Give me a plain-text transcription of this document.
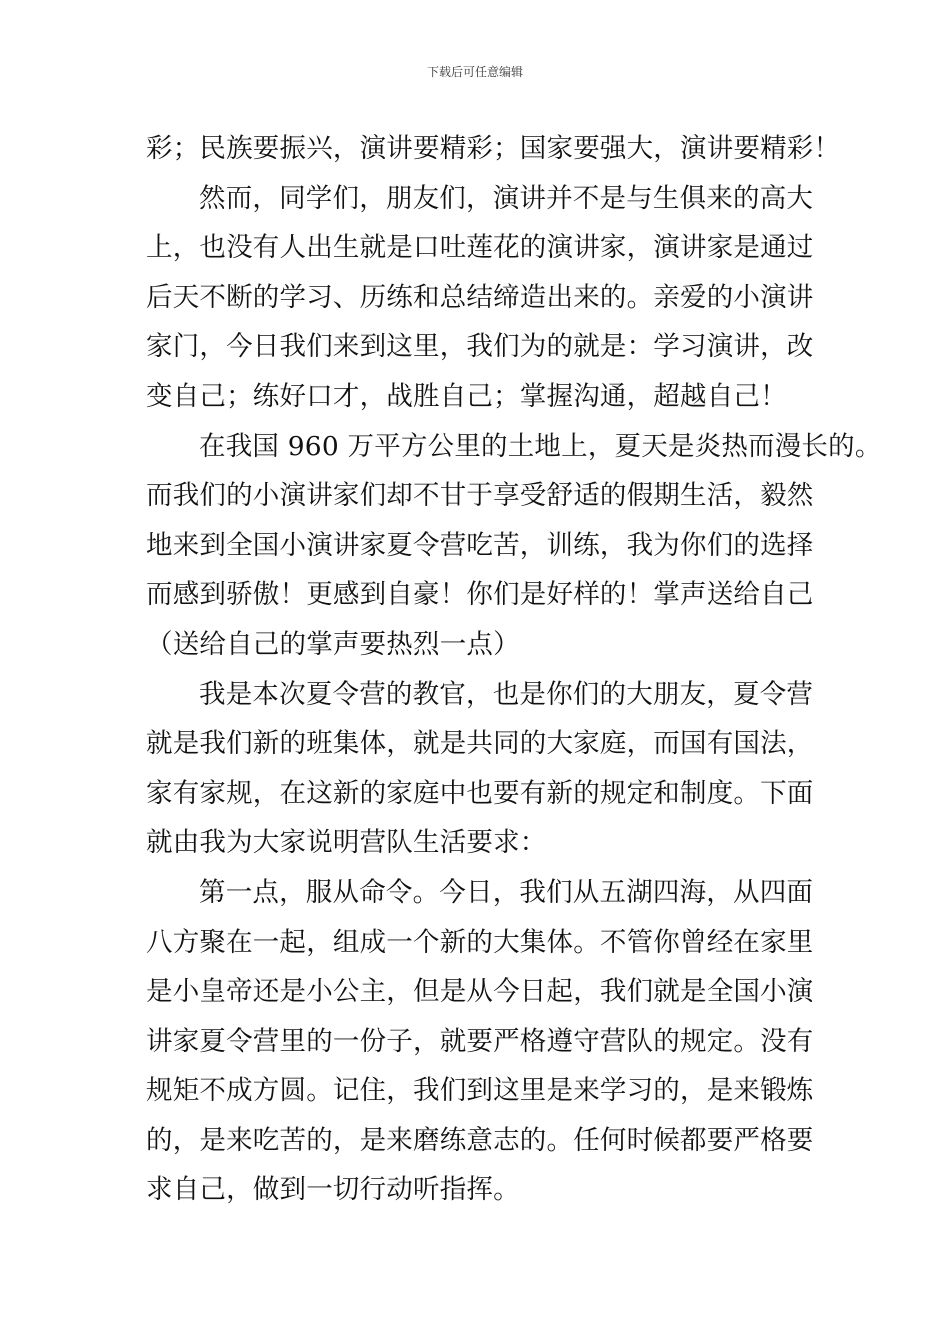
下载后可任意编辑
彩；民族要振兴，演讲要精彩；国家要强大，演讲要精彩！
然而，同学们，朋友们，演讲并不是与生俱来的高大
上，也没有人出生就是口吐莲花的演讲家，演讲家是通过
后天不断的学习、历练和总结缔造出来的。亲爱的小演讲
家门，今日我们来到这里，我们为的就是：学习演讲，改
变自己；练好口才，战胜自己；掌握沟通，超越自己！
在我国 960 万平方公里的土地上，夏天是炎热而漫长的。
而我们的小演讲家们却不甘于享受舒适的假期生活，毅然
地来到全国小演讲家夏令营吃苦，训练，我为你们的选择
而感到骄傲！更感到自豪！你们是好样的！掌声送给自己
（送给自己的掌声要热烈一点）
我是本次夏令营的教官，也是你们的大朋友，夏令营
就是我们新的班集体，就是共同的大家庭，而国有国法，
家有家规，在这新的家庭中也要有新的规定和制度。下面
就由我为大家说明营队生活要求：
第一点，服从命令。今日，我们从五湖四海，从四面
八方聚在一起，组成一个新的大集体。不管你曾经在家里
是小皇帝还是小公主，但是从今日起，我们就是全国小演
讲家夏令营里的一份子，就要严格遵守营队的规定。没有
规矩不成方圆。记住，我们到这里是来学习的，是来锻炼
的，是来吃苦的，是来磨练意志的。任何时候都要严格要
求自己，做到一切行动听指挥。
